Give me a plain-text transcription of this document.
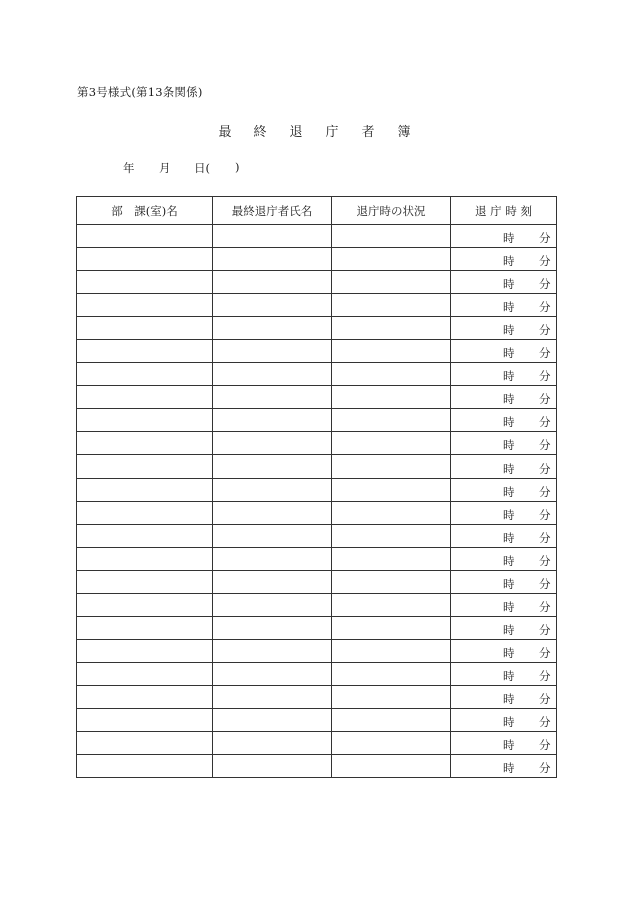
第3号様式(第13条関係)
最 終 退 庁 者 簿
年 月 日( )
部　課(室)名	最終退庁者氏名	退庁時の状況	退 庁 時 刻

			時 分

			時 分

			時 分

			時 分

			時 分

			時 分

			時 分

			時 分

			時 分

			時 分

			時 分

			時 分

			時 分

			時 分

			時 分

			時 分

			時 分

			時 分

			時 分

			時 分

			時 分

			時 分

			時 分

			時 分
